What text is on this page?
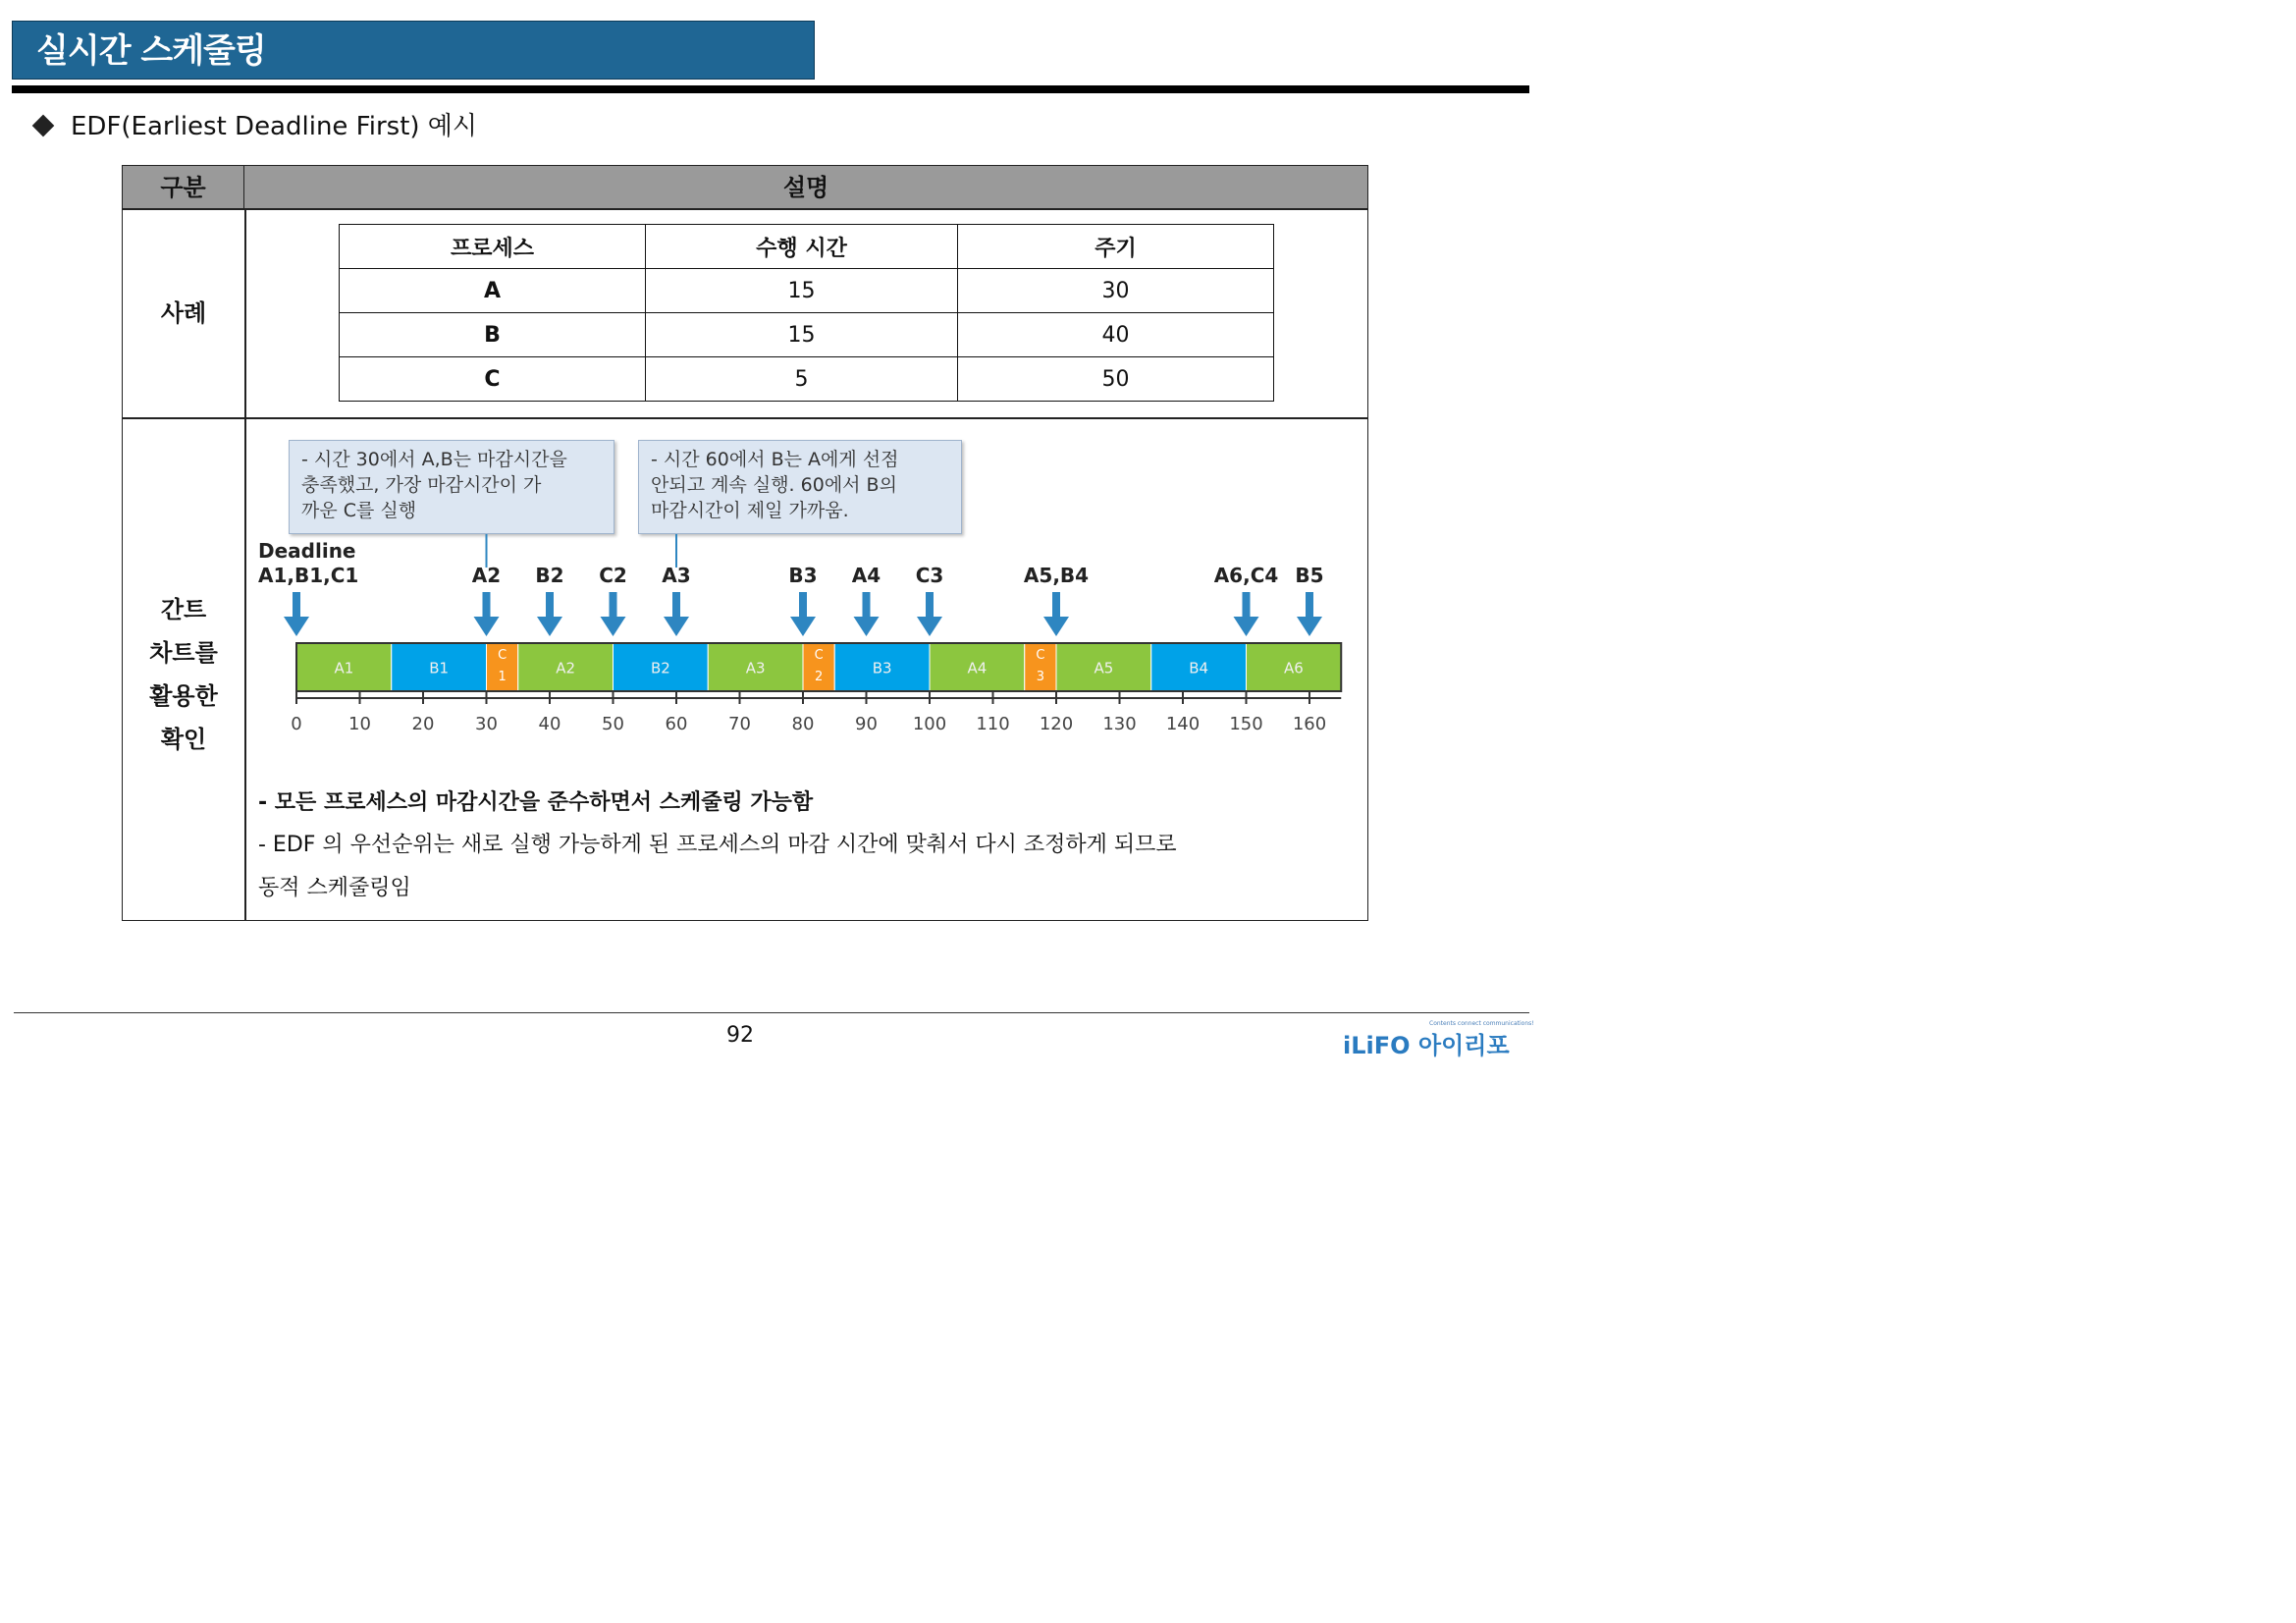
실시간 스케줄링
EDF(Earliest Deadline First) 예시
구분	설명
사례
간트
차트를
활용한
확인
프로세스	수행 시간	주기
A	15	30
B	15	40
C	5	50
- 시간 30에서 A,B는 마감시간을
충족했고, 가장 마감시간이 가
까운 C를 실행
- 시간 60에서 B는 A에게 선점
안되고 계속 실행. 60에서 B의
마감시간이 제일 가까움.
Deadline
A1,B1,C1	A2 B2 C2 A3	B3 A4 C3	A5,B4	A6,C4 B5
A1	B1
C
1	A2	B2	A3
C
2	B3	A4
C
3	A5	B4	A6
0	10 20 30 40 50 60 70 80 90 100 110 120 130 140 150 160
- 모든 프로세스의 마감시간을 준수하면서 스케줄링 가능함
- EDF 의 우선순위는 새로 실행 가능하게 된 프로세스의 마감 시간에 맞춰서 다시 조정하게 되므로
동적 스케줄링임
92	iLiFO 아이리포
Contents connect communications!
